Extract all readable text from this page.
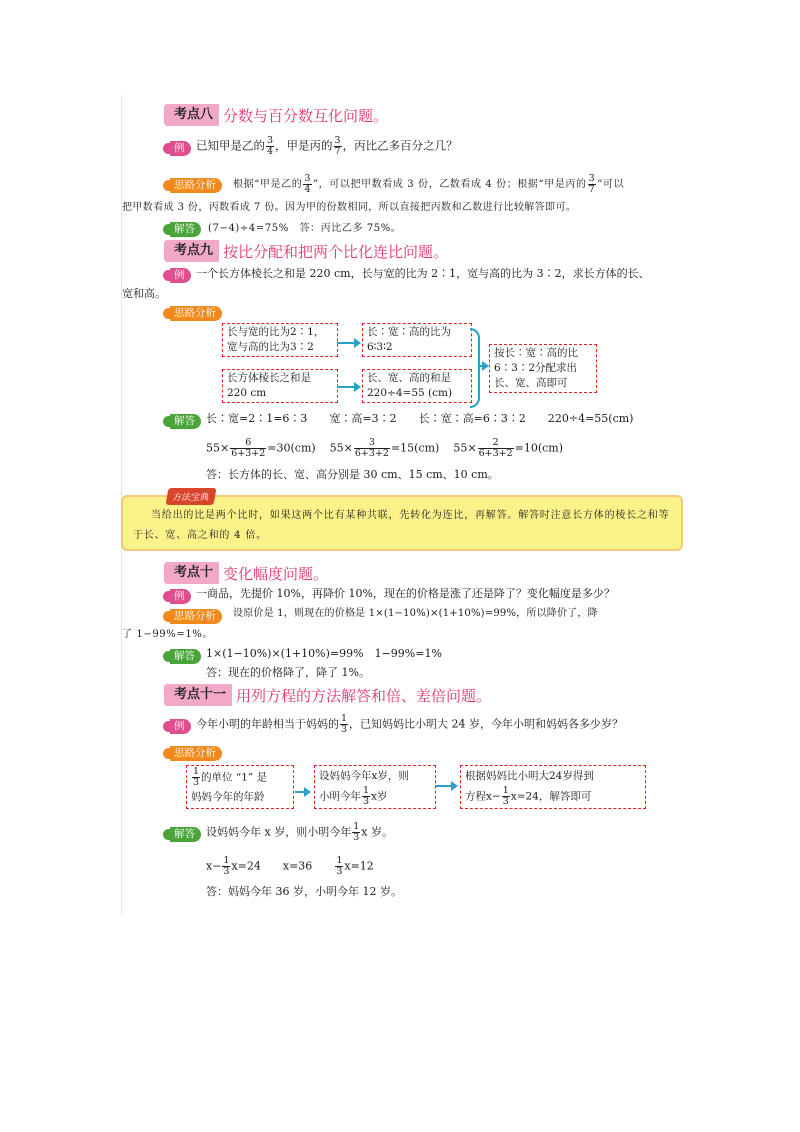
考点八 分数与百分数互化问题。
例	已知甲是乙的 $\frac{3}{4}$ ，甲是丙的 $\frac{3}{7}$ ，丙比乙多百分之几？
思路分析	根据“甲是乙的 $\frac{3}{4}$ ”，可以把甲数看成 3 份，乙数看成 4 份；根据“甲是丙的 $\frac{3}{7}$ ”可以
把甲数看成 3 份，丙数看成 7 份。因为甲的份数相同，所以直接把丙数和乙数进行比较解答即可。
解答	(7−4)÷4=75%　答：丙比乙多 75%。
考点九 按比分配和把两个比化连比问题。
例	一个长方体棱长之和是 220 cm，长与宽的比为 2∶1，宽与高的比为 3∶2，求长方体的长、
宽和高。
思路分析
长与宽的比为2∶1，
宽与高的比为3∶2
长∶宽∶高的比为
6∶3∶2
长方体棱长之和是
220 cm
长、宽、高的和是
220÷4=55 (cm)
按长∶宽∶高的比
6∶3∶2分配求出
长、宽、高即可
解答	长∶宽=2∶1=6∶3　　宽∶高=3∶2　　长∶宽∶高=6∶3∶2　　220÷4=55(cm)
$55\times \frac{6}{6+3+2} =30(cm)$ $55\times \frac{3}{6+3+2} =15(cm)$ $55\times \frac{2}{6+3+2} =10(cm)$
答：长方体的长、宽、高分别是 30 cm、15 cm、10 cm。
方法宝典
当给出的比是两个比时，如果这两个比有某种共联，先转化为连比，再解答。解答时注意长方体的棱长之和等于长、宽、高之和的 4 倍。
考点十 变化幅度问题。
例	一商品，先提价 10%，再降价 10%，现在的价格是涨了还是降了？变化幅度是多少？
思路分析	设原价是 1，则现在的价格是 1×(1−10%)×(1+10%)=99%，所以降价了，降
了 1−99%=1%。
解答	1×(1−10%)×(1+10%)=99%　1−99%=1%
答：现在的价格降了，降了 1%。
考点十一 用列方程的方法解答和倍、差倍问题。
例	今年小明的年龄相当于妈妈的 $\frac{1}{3}$ ，已知妈妈比小明大 24 岁，今年小明和妈妈各多少岁？
思路分析
$\frac{1}{3}$ 的单位 “1” 是
妈妈今年的年龄
设妈妈今年x岁，则
小明今年 $\frac{1}{3}$ x岁
根据妈妈比小明大24岁得到
方程$x- \frac{1}{3} x=24$，解答即可
解答	设妈妈今年 x 岁，则小明今年 $\frac{1}{3}$ x 岁。
$x- \frac{1}{3} x=24$　　x=36　　 $\frac{1}{3} x=12$
答：妈妈今年 36 岁，小明今年 12 岁。
